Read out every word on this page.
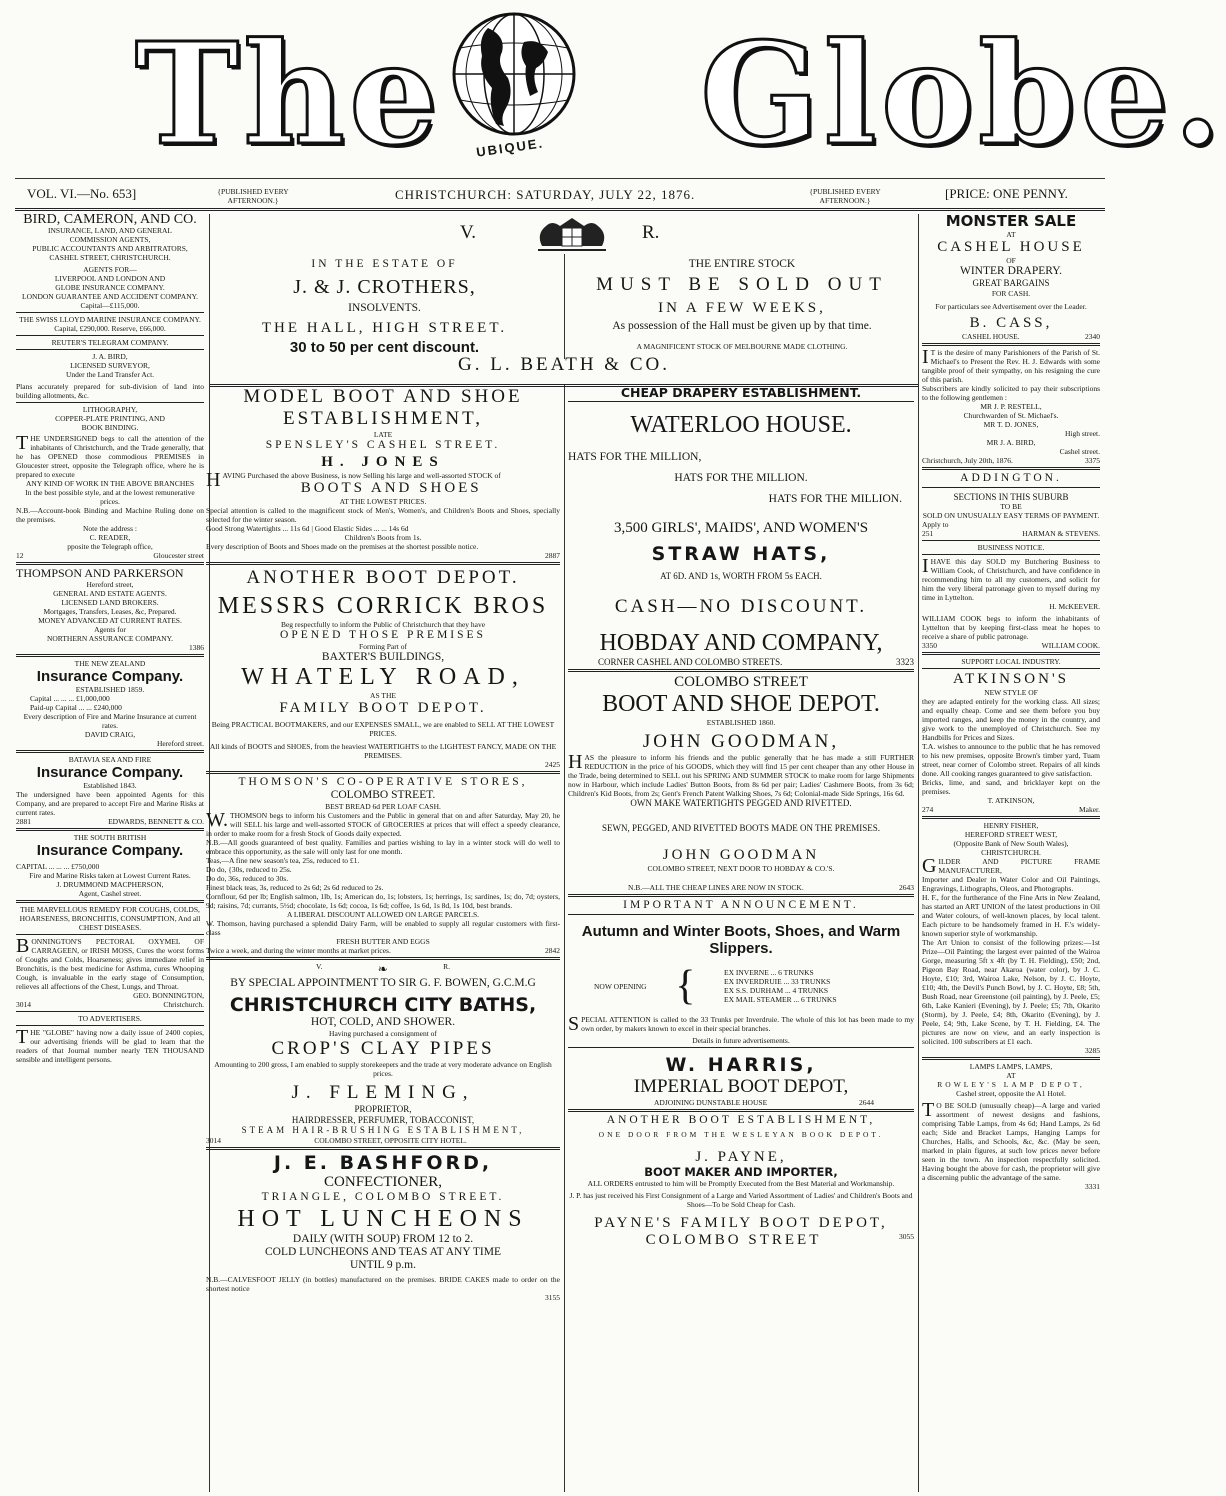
The	UBIQUE. Globe.
VOL. VI.—No. 653]	{PUBLISHED EVERY AFTERNOON.}	CHRISTCHURCH: SATURDAY, JULY 22, 1876.	{PUBLISHED EVERY AFTERNOON.}	[PRICE: ONE PENNY.
BIRD, CAMERON, AND CO.
INSURANCE, LAND, AND GENERAL
COMMISSION AGENTS,
PUBLIC ACCOUNTANTS AND ARBITRATORS,
CASHEL STREET, CHRISTCHURCH.
AGENTS FOR—
LIVERPOOL AND LONDON AND
GLOBE INSURANCE COMPANY.
LONDON GUARANTEE AND ACCIDENT COMPANY.
Capital—£115,000.
THE SWISS LLOYD MARINE INSURANCE COMPANY.
Capital, £290,000. Reserve, £66,000.
REUTER'S TELEGRAM COMPANY.
J. A. BIRD,
LICENSED SURVEYOR,
Under the Land Transfer Act.
Plans accurately prepared for sub-division of land into building allotments, &c.
LITHOGRAPHY,
COPPER-PLATE PRINTING, AND
BOOK BINDING.
THE UNDERSIGNED begs to call the attention of the inhabitants of Christchurch, and the Trade generally, that he has OPENED those commodious PREMISES in Gloucester street, opposite the Telegraph office, where he is prepared to execute
ANY KIND OF WORK IN THE ABOVE BRANCHES
In the best possible style, and at the lowest remunerative prices.
N.B.—Account-book Binding and Machine Ruling done on the premises.
Note the address :
C. READER,
pposite the Telegraph office,
12	Gloucester street
THOMPSON AND PARKERSON
Hereford street,
GENERAL AND ESTATE AGENTS.
LICENSED LAND BROKERS.
Mortgages, Transfers, Leases, &c, Prepared.
MONEY ADVANCED AT CURRENT RATES.
Agents for
NORTHERN ASSURANCE COMPANY.
1386
THE NEW ZEALAND
Insurance Company.
ESTABLISHED 1859.
Capital ... ... ... £1,000,000
Paid-up Capital ... ... £240,000
Every description of Fire and Marine Insurance at current rates.
DAVID CRAIG,
Hereford street.
BATAVIA SEA AND FIRE
Insurance Company.
Established 1843.
The undersigned have been appointed Agents for this Company, and are prepared to accept Fire and Marine Risks at current rates.
2881	EDWARDS, BENNETT & CO.
THE SOUTH BRITISH
Insurance Company.
CAPITAL ... ... ... £750,000
Fire and Marine Risks taken at Lowest Current Rates.
J. DRUMMOND MACPHERSON,
Agent, Cashel street.
THE MARVELLOUS REMEDY FOR COUGHS, COLDS, HOARSENESS, BRONCHITIS, CONSUMPTION, And all CHEST DISEASES.
BONNINGTON'S PECTORAL OXYMEL OF CARRAGEEN, or IRISH MOSS, Cures the worst forms of Coughs and Colds, Hoarseness; gives immediate relief in Bronchitis, is the best medicine for Asthma, cures Whooping Cough, is invaluable in the early stage of Consumption, relieves all affections of the Chest, Lungs, and Throat.
GEO. BONNINGTON,
3014	Christchurch.
TO ADVERTISERS.
THE "GLOBE" having now a daily issue of 2400 copies, our advertising friends will be glad to learn that the readers of that Journal number nearly TEN THOUSAND sensible and intelligent persons.
V.	R.
IN THE ESTATE OF
J. & J. CROTHERS,
INSOLVENTS.
THE HALL, HIGH STREET.
30 to 50 per cent discount.
THE ENTIRE STOCK
MUST BE SOLD OUT
IN A FEW WEEKS,
As possession of the Hall must be given up by that time.
A MAGNIFICENT STOCK OF MELBOURNE MADE CLOTHING.
G. L. BEATH & CO.
MODEL BOOT AND SHOE
ESTABLISHMENT,
LATE
SPENSLEY'S CASHEL STREET.
H. JONES
HAVING Purchased the above Business, is now Selling his large and well-assorted STOCK of
BOOTS AND SHOES
AT THE LOWEST PRICES.
Special attention is called to the magnificent stock of Men's, Women's, and Children's Boots and Shoes, specially selected for the winter season.
Good Strong Watertights ... 11s 6d | Good Elastic Sides ... ... 14s 6d
Children's Boots from 1s.
Every description of Boots and Shoes made on the premises at the shortest possible notice.
2887
ANOTHER BOOT DEPOT.
MESSRS CORRICK BROS
Beg respectfully to inform the Public of Christchurch that they have
OPENED THOSE PREMISES
Forming Part of
BAXTER'S BUILDINGS,
WHATELY ROAD,
AS THE
FAMILY BOOT DEPOT.
Being PRACTICAL BOOTMAKERS, and our EXPENSES SMALL, we are enabled to SELL AT THE LOWEST PRICES.
All kinds of BOOTS and SHOES, from the heaviest WATERTIGHTS to the LIGHTEST FANCY, MADE ON THE PREMISES.
2425
THOMSON'S CO-OPERATIVE STORES,
COLOMBO STREET.
BEST BREAD 6d PER LOAF CASH.
W.THOMSON begs to inform his Customers and the Public in general that on and after Saturday, May 20, he will SELL his large and well-assorted STOCK of GROCERIES at prices that will effect a speedy clearance, in order to make room for a fresh Stock of Goods daily expected.
N.B.—All goods guaranteed of best quality. Families and parties wishing to lay in a winter stock will do well to embrace this opportunity, as the sale will only last for one month.
Teas,—A fine new season's tea, 25s, reduced to £1.
Do do, {30s, reduced to 25s.
Do do, 36s, reduced to 30s.
Finest black teas, 3s, reduced to 2s 6d; 2s 6d reduced to 2s.
Cornflour, 6d per lb; English salmon, 1lb, 1s; American do, 1s; lobsters, 1s; herrings, 1s; sardines, 1s; do, 7d; oysters, 9d; raisins, 7d; currants, 5½d; chocolate, 1s 6d; cocoa, 1s 6d; coffee, 1s 6d, 1s 8d, 1s 10d, best brands.
A LIBERAL DISCOUNT ALLOWED ON LARGE PARCELS.
W. Thomson, having purchased a splendid Dairy Farm, will be enabled to supply all regular customers with first-class
FRESH BUTTER AND EGGS
Twice a week, and during the winter months at market prices.	2842
V.	❧	R.
BY SPECIAL APPOINTMENT TO SIR G. F. BOWEN, G.C.M.G
CHRISTCHURCH CITY BATHS,
HOT, COLD, AND SHOWER.
Having purchased a consignment of
CROP'S CLAY PIPES
Amounting to 200 gross, I am enabled to supply storekeepers and the trade at very moderate advance on English prices.
J. FLEMING,
PROPRIETOR,
HAIRDRESSER, PERFUMER, TOBACCONIST,
STEAM HAIR-BRUSHING ESTABLISHMENT,
3014	COLOMBO STREET, OPPOSITE CITY HOTEL.
J. E. BASHFORD,
CONFECTIONER,
TRIANGLE, COLOMBO STREET.
HOT LUNCHEONS
DAILY (WITH SOUP) FROM 12 to 2.
COLD LUNCHEONS AND TEAS AT ANY TIME
UNTIL 9 p.m.
N.B.—CALVESFOOT JELLY (in bottles) manufactured on the premises. BRIDE CAKES made to order on the shortest notice
3155
CHEAP DRAPERY ESTABLISHMENT.
WATERLOO HOUSE.
HATS FOR THE MILLION,
HATS FOR THE MILLION.
HATS FOR THE MILLION.
3,500 GIRLS', MAIDS', AND WOMEN'S
STRAW HATS,
AT 6D. AND 1s, WORTH FROM 5s EACH.
CASH—NO DISCOUNT.
HOBDAY AND COMPANY,
CORNER CASHEL AND COLOMBO STREETS.	3323
COLOMBO STREET
BOOT AND SHOE DEPOT.
ESTABLISHED 1860.
JOHN GOODMAN,
HAS the pleasure to inform his friends and the public generally that he has made a still FURTHER REDUCTION in the price of his GOODS, which they will find 15 per cent cheaper than any other House in the Trade, being determined to SELL out his SPRING AND SUMMER STOCK to make room for large Shipments now in Harbour, which include Ladies' Button Boots, from 8s 6d per pair; Ladies' Cashmere Boots, from 3s 6d; Children's Kid Boots, from 2s; Gent's French Patent Walking Shoes, 7s 6d; Colonial-made Side Springs, 16s 6d.
OWN MAKE WATERTIGHTS PEGGED AND RIVETTED.
SEWN, PEGGED, AND RIVETTED BOOTS MADE ON THE PREMISES.
JOHN GOODMAN
COLOMBO STREET, NEXT DOOR TO HOBDAY & CO.'S.
N.B.—ALL THE CHEAP LINES ARE NOW IN STOCK.	2643
IMPORTANT ANNOUNCEMENT.
Autumn and Winter Boots, Shoes, and Warm Slippers.
NOW OPENING {	EX INVERNE ... 6 TRUNKS
EX INVERDRUIE ... 33 TRUNKS
EX S.S. DURHAM ... 4 TRUNKS
EX MAIL STEAMER ... 6 TRUNKS
SPECIAL ATTENTION is called to the 33 Trunks per Inverdruie. The whole of this lot has been made to my own order, by makers known to excel in their special branches.
Details in future advertisements.
W. HARRIS,
IMPERIAL BOOT DEPOT,
ADJOINING DUNSTABLE HOUSE	2644
ANOTHER BOOT ESTABLISHMENT,
ONE DOOR FROM THE WESLEYAN BOOK DEPOT.
J. PAYNE,
BOOT MAKER AND IMPORTER,
ALL ORDERS entrusted to him will be Promptly Executed from the Best Material and Workmanship.
J. P. has just received his First Consignment of a Large and Varied Assortment of Ladies' and Children's Boots and Shoes—To be Sold Cheap for Cash.
PAYNE'S FAMILY BOOT DEPOT,
COLOMBO STREET	3055
MONSTER SALE
AT
CASHEL HOUSE
OF
WINTER DRAPERY.
GREAT BARGAINS
FOR CASH.
For particulars see Advertisement over the Leader.
B. CASS,
CASHEL HOUSE.	2340
IT is the desire of many Parishioners of the Parish of St. Michael's to Present the Rev. H. J. Edwards with some tangible proof of their sympathy, on his resigning the cure of this parish.
Subscribers are kindly solicited to pay their subscriptions to the following gentlemen :
MR J. P. RESTELL,
Churchwarden of St. Michael's.
MR T. D. JONES,
High street.
MR J. A. BIRD,
Cashel street.
Christchurch, July 20th, 1876.	3375
ADDINGTON.
SECTIONS IN THIS SUBURB
TO BE
SOLD ON UNUSUALLY EASY TERMS OF PAYMENT.
Apply to
251	HARMAN & STEVENS.
BUSINESS NOTICE.
IHAVE this day SOLD my Butchering Business to William Cook, of Christchurch, and have confidence in recommending him to all my customers, and solicit for him the very liberal patronage given to myself during my time in Lyttelton.
H. McKEEVER.
WILLIAM COOK begs to inform the inhabitants of Lyttelton that by keeping first-class meat he hopes to receive a share of public patronage.
3350	WILLIAM COOK.
SUPPORT LOCAL INDUSTRY.
ATKINSON'S
NEW STYLE OF
they are adapted entirely for the working class. All sizes; and equally cheap. Come and see them before you buy imported ranges, and keep the money in the country, and give work to the unemployed of Christchurch. See my Handbills for Prices and Sizes.
T.A. wishes to announce to the public that he has removed to his new premises, opposite Brown's timber yard, Tuam street, near corner of Colombo street. Repairs of all kinds done. All cooking ranges guaranteed to give satisfaction.
Bricks, lime, and sand, and bricklayer kept on the premises.
T. ATKINSON,
274	Maker.
HENRY FISHER,
HEREFORD STREET WEST,
(Opposite Bank of New South Wales),
CHRISTCHURCH.
GILDER AND PICTURE FRAME MANUFACTURER,
Importer and Dealer in Water Color and Oil Paintings, Engravings, Lithographs, Oleos, and Photographs.
H. F., for the furtherance of the Fine Arts in New Zealand, has started an ART UNION of the latest productions in Oil and Water colours, of well-known places, by local talent. Each picture to be handsomely framed in H. F.'s widely-known superior style of workmanship.
The Art Union to consist of the following prizes:—1st Prize—Oil Painting; the largest ever painted of the Wairoa Gorge, measuring 5ft x 4ft (by T. H. Fielding), £50; 2nd, Pigeon Bay Road, near Akaroa (water color), by J. C. Hoyte, £10; 3rd, Wairoa Lake, Nelson, by J. C. Hoyte, £10; 4th, the Devil's Punch Bowl, by J. C. Hoyte, £8; 5th, Bush Road, near Greenstone (oil painting), by J. Peele, £5; 6th, Lake Kanieri (Evening), by J. Peele; £5; 7th, Okarito (Storm), by J. Peele, £4; 8th, Okarito (Evening), by J. Peele, £4; 9th, Lake Scene, by T. H. Fielding, £4. The pictures are now on view, and an early inspection is solicited. 100 subscribers at £1 each.
3285
LAMPS LAMPS, LAMPS,
AT
ROWLEY'S LAMP DEPOT,
Cashel street, opposite the A1 Hotel.
TO BE SOLD (unusually cheap)—A large and varied assortment of newest designs and fashions, comprising Table Lamps, from 4s 6d; Hand Lamps, 2s 6d each; Side and Bracket Lamps, Hanging Lamps for Churches, Halls, and Schools, &c, &c. (May be seen, marked in plain figures, at such low prices never before seen in the town. An inspection respectfully solicited. Having bought the above for cash, the proprietor will give a discerning public the advantage of the same.
3331
